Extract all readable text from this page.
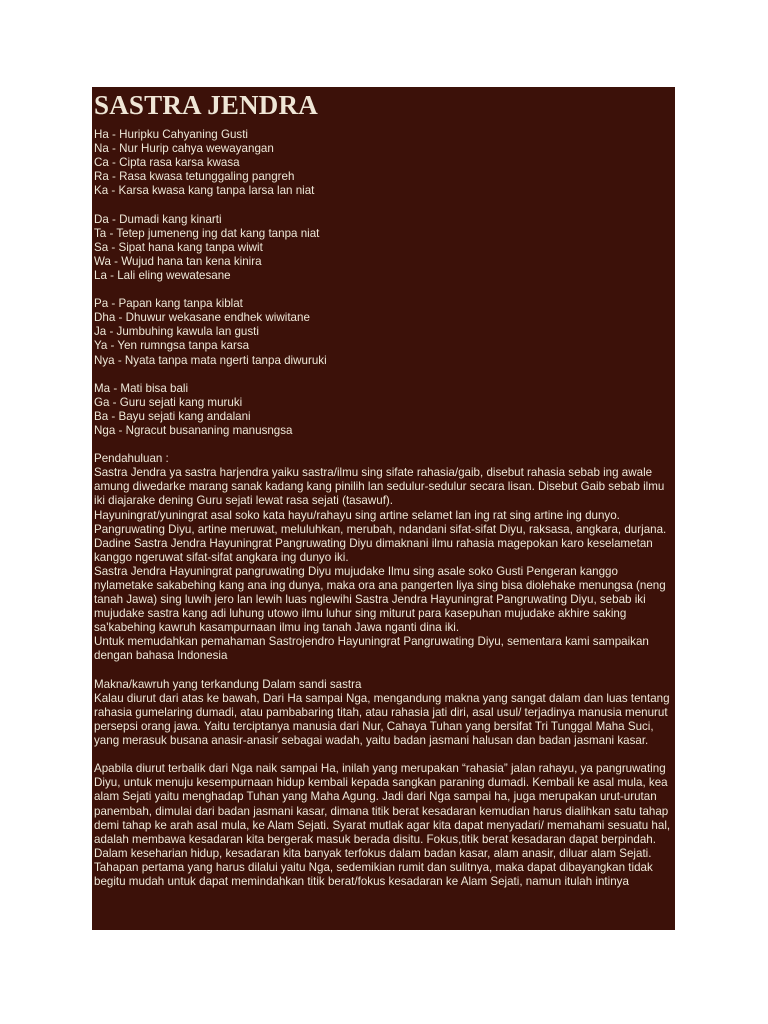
SASTRA JENDRA
Ha - Huripku Cahyaning Gusti
Na - Nur Hurip cahya wewayangan
Ca - Cipta rasa karsa kwasa
Ra - Rasa kwasa tetunggaling pangreh
Ka - Karsa kwasa kang tanpa larsa lan niat
Da - Dumadi kang kinarti
Ta - Tetep jumeneng ing dat kang tanpa niat
Sa - Sipat hana kang tanpa wiwit
Wa - Wujud hana tan kena kinira
La - Lali eling wewatesane
Pa - Papan kang tanpa kiblat
Dha - Dhuwur wekasane endhek wiwitane
Ja - Jumbuhing kawula lan gusti
Ya - Yen rumngsa tanpa karsa
Nya - Nyata tanpa mata ngerti tanpa diwuruki
Ma - Mati bisa bali
Ga - Guru sejati kang muruki
Ba - Bayu sejati kang andalani
Nga - Ngracut busananing manusngsa

Pendahuluan :

Sastra Jendra ya sastra harjendra yaiku sastra/ilmu sing sifate rahasia/gaib, disebut rahasia sebab ing awale amung diwedarke marang sanak kadang kang pinilih lan sedulur-sedulur secara lisan. Disebut Gaib sebab ilmu iki diajarake dening Guru sejati lewat rasa sejati (tasawuf).

Hayuningrat/yuningrat asal soko kata hayu/rahayu sing artine selamet lan ing rat sing artine ing dunyo. Pangruwating Diyu, artine meruwat, meluluhkan, merubah, ndandani sifat-sifat Diyu, raksasa, angkara, durjana. Dadine Sastra Jendra Hayuningrat Pangruwating Diyu dimaknani ilmu rahasia magepokan karo keselametan kanggo ngeruwat sifat-sifat angkara ing dunyo iki.

Sastra Jendra Hayuningrat pangruwating Diyu mujudake Ilmu sing asale soko Gusti Pengeran kanggo nylametake sakabehing kang ana ing dunya, maka ora ana pangerten liya sing bisa diolehake menungsa (neng tanah Jawa) sing luwih jero lan lewih luas nglewihi Sastra Jendra Hayuningrat Pangruwating Diyu, sebab iki mujudake sastra kang adi luhung utowo ilmu luhur sing miturut para kasepuhan mujudake akhire saking sa'kabehing kawruh kasampurnaan ilmu ing tanah Jawa nganti dina iki.

Untuk memudahkan pemahaman Sastrojendro Hayuningrat Pangruwating Diyu, sementara kami sampaikan dengan bahasa Indonesia

Makna/kawruh yang terkandung Dalam sandi sastra

Kalau diurut dari atas ke bawah, Dari Ha sampai Nga, mengandung makna yang sangat dalam dan luas tentang rahasia gumelaring dumadi, atau pambabaring titah, atau rahasia jati diri, asal usul/ terjadinya manusia menurut persepsi orang jawa. Yaitu terciptanya manusia dari Nur, Cahaya Tuhan yang bersifat Tri Tunggal Maha Suci, yang merasuk busana anasir-anasir sebagai wadah, yaitu badan jasmani halusan dan badan jasmani kasar.

Apabila diurut terbalik dari Nga naik sampai Ha, inilah yang merupakan “rahasia” jalan rahayu, ya pangruwating Diyu, untuk menuju kesempurnaan hidup kembali kepada sangkan paraning dumadi. Kembali ke asal mula, kea alam Sejati yaitu menghadap Tuhan yang Maha Agung. Jadi dari Nga sampai ha, juga merupakan urut-urutan panembah, dimulai dari badan jasmani kasar, dimana titik berat kesadaran kemudian harus dialihkan satu tahap demi tahap ke arah asal mula, ke Alam Sejati. Syarat mutlak agar kita dapat menyadari/ memahami sesuatu hal, adalah membawa kesadaran kita bergerak masuk berada disitu. Fokus,titik berat kesadaran dapat berpindah. Dalam keseharian hidup, kesadaran kita banyak terfokus dalam badan kasar, alam anasir, diluar alam Sejati. Tahapan pertama yang harus dilalui yaitu Nga, sedemikian rumit dan sulitnya, maka dapat dibayangkan tidak begitu mudah untuk dapat memindahkan titik berat/fokus kesadaran ke Alam Sejati, namun itulah intinya
